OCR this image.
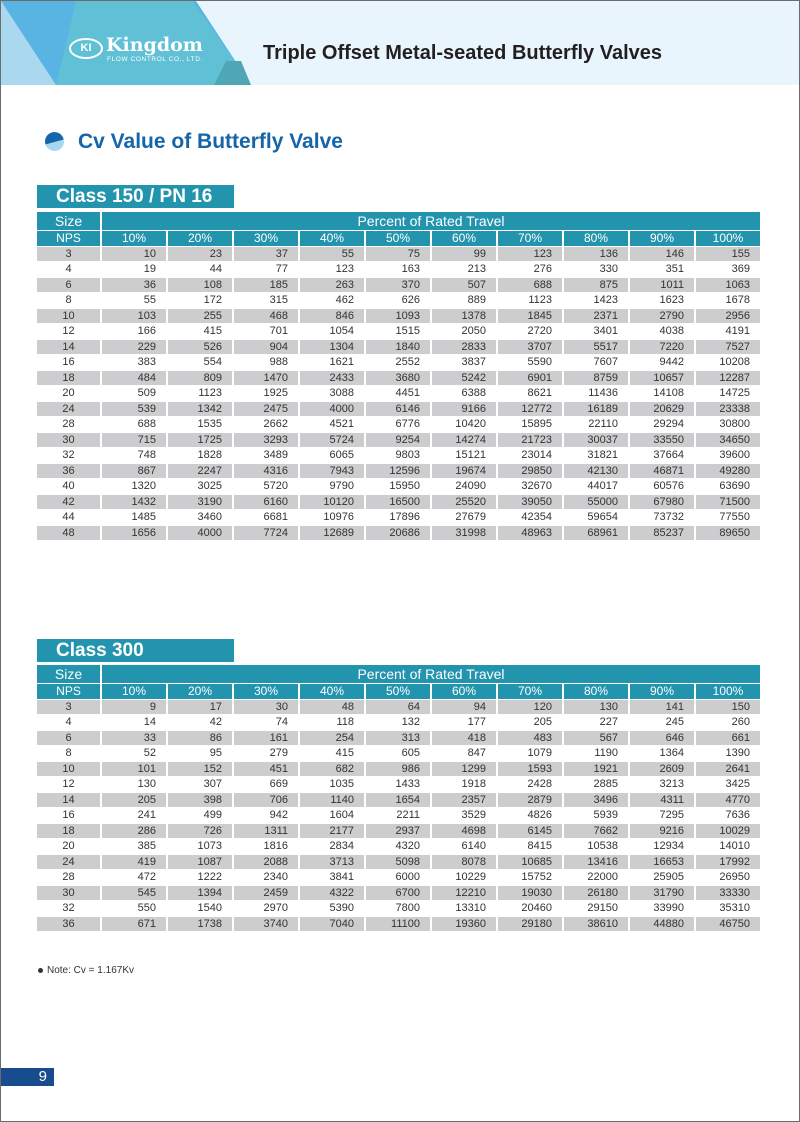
KI Kingdom
FLOW CONTROL CO., LTD.	Triple Offset Metal-seated Butterfly Valves
Cv Value of Butterfly Valve
Class 150 / PN 16
Size	Percent of Rated Travel									
NPS	10%	20%	30%	40%	50%	60%	70%	80%	90%	100%
3	10	23	37	55	75	99	123	136	146	155
4	19	44	77	123	163	213	276	330	351	369
6	36	108	185	263	370	507	688	875	1011	1063
8	55	172	315	462	626	889	1123	1423	1623	1678
10	103	255	468	846	1093	1378	1845	2371	2790	2956
12	166	415	701	1054	1515	2050	2720	3401	4038	4191
14	229	526	904	1304	1840	2833	3707	5517	7220	7527
16	383	554	988	1621	2552	3837	5590	7607	9442	10208
18	484	809	1470	2433	3680	5242	6901	8759	10657	12287
20	509	1123	1925	3088	4451	6388	8621	11436	14108	14725
24	539	1342	2475	4000	6146	9166	12772	16189	20629	23338
28	688	1535	2662	4521	6776	10420	15895	22110	29294	30800
30	715	1725	3293	5724	9254	14274	21723	30037	33550	34650
32	748	1828	3489	6065	9803	15121	23014	31821	37664	39600
36	867	2247	4316	7943	12596	19674	29850	42130	46871	49280
40	1320	3025	5720	9790	15950	24090	32670	44017	60576	63690
42	1432	3190	6160	10120	16500	25520	39050	55000	67980	71500
44	1485	3460	6681	10976	17896	27679	42354	59654	73732	77550
48	1656	4000	7724	12689	20686	31998	48963	68961	85237	89650
Class 300
Size	Percent of Rated Travel									
NPS	10%	20%	30%	40%	50%	60%	70%	80%	90%	100%
3	9	17	30	48	64	94	120	130	141	150
4	14	42	74	118	132	177	205	227	245	260
6	33	86	161	254	313	418	483	567	646	661
8	52	95	279	415	605	847	1079	1190	1364	1390
10	101	152	451	682	986	1299	1593	1921	2609	2641
12	130	307	669	1035	1433	1918	2428	2885	3213	3425
14	205	398	706	1140	1654	2357	2879	3496	4311	4770
16	241	499	942	1604	2211	3529	4826	5939	7295	7636
18	286	726	1311	2177	2937	4698	6145	7662	9216	10029
20	385	1073	1816	2834	4320	6140	8415	10538	12934	14010
24	419	1087	2088	3713	5098	8078	10685	13416	16653	17992
28	472	1222	2340	3841	6000	10229	15752	22000	25905	26950
30	545	1394	2459	4322	6700	12210	19030	26180	31790	33330
32	550	1540	2970	5390	7800	13310	20460	29150	33990	35310
36	671	1738	3740	7040	11100	19360	29180	38610	44880	46750
Note: Cv = 1.167Kv
9
